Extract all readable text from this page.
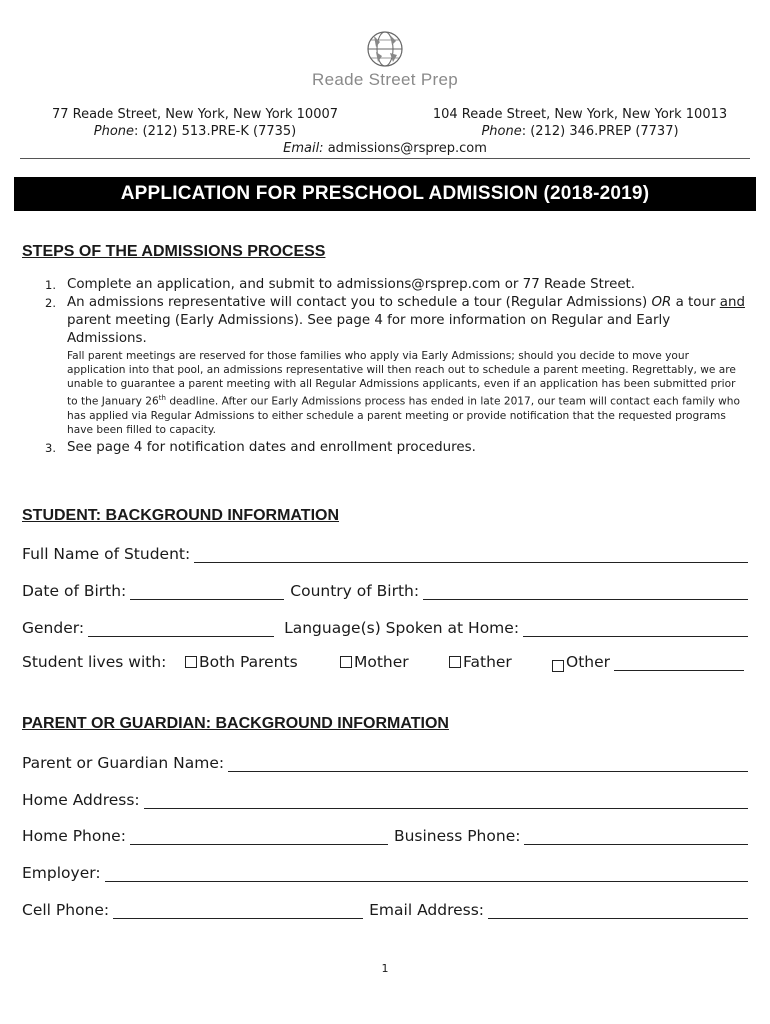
Reade Street Prep
77 Reade Street, New York, New York 10007
Phone: (212) 513.PRE-K (7735)
104 Reade Street, New York, New York 10013
Phone: (212) 346.PREP (7737)
Email: admissions@rsprep.com
APPLICATION FOR PRESCHOOL ADMISSION (2018-2019)
STEPS OF THE ADMISSIONS PROCESS
1. Complete an application, and submit to admissions@rsprep.com or 77 Reade Street.
2. An admissions representative will contact you to schedule a tour (Regular Admissions) OR a tour and parent meeting (Early Admissions). See page 4 for more information on Regular and Early Admissions.
Fall parent meetings are reserved for those families who apply via Early Admissions; should you decide to move your application into that pool, an admissions representative will then reach out to schedule a parent meeting. Regrettably, we are unable to guarantee a parent meeting with all Regular Admissions applicants, even if an application has been submitted prior to the January 26th deadline. After our Early Admissions process has ended in late 2017, our team will contact each family who has applied via Regular Admissions to either schedule a parent meeting or provide notification that the requested programs have been filled to capacity.
3. See page 4 for notification dates and enrollment procedures.
STUDENT: BACKGROUND INFORMATION
Full Name of Student:
Date of Birth:	Country of Birth:
Gender:	Language(s) Spoken at Home:
Student lives with:	Both Parents	Mother	Father	Other
PARENT OR GUARDIAN: BACKGROUND INFORMATION
Parent or Guardian Name:
Home Address:
Home Phone:	Business Phone:
Employer:
Cell Phone:	Email Address:
1
